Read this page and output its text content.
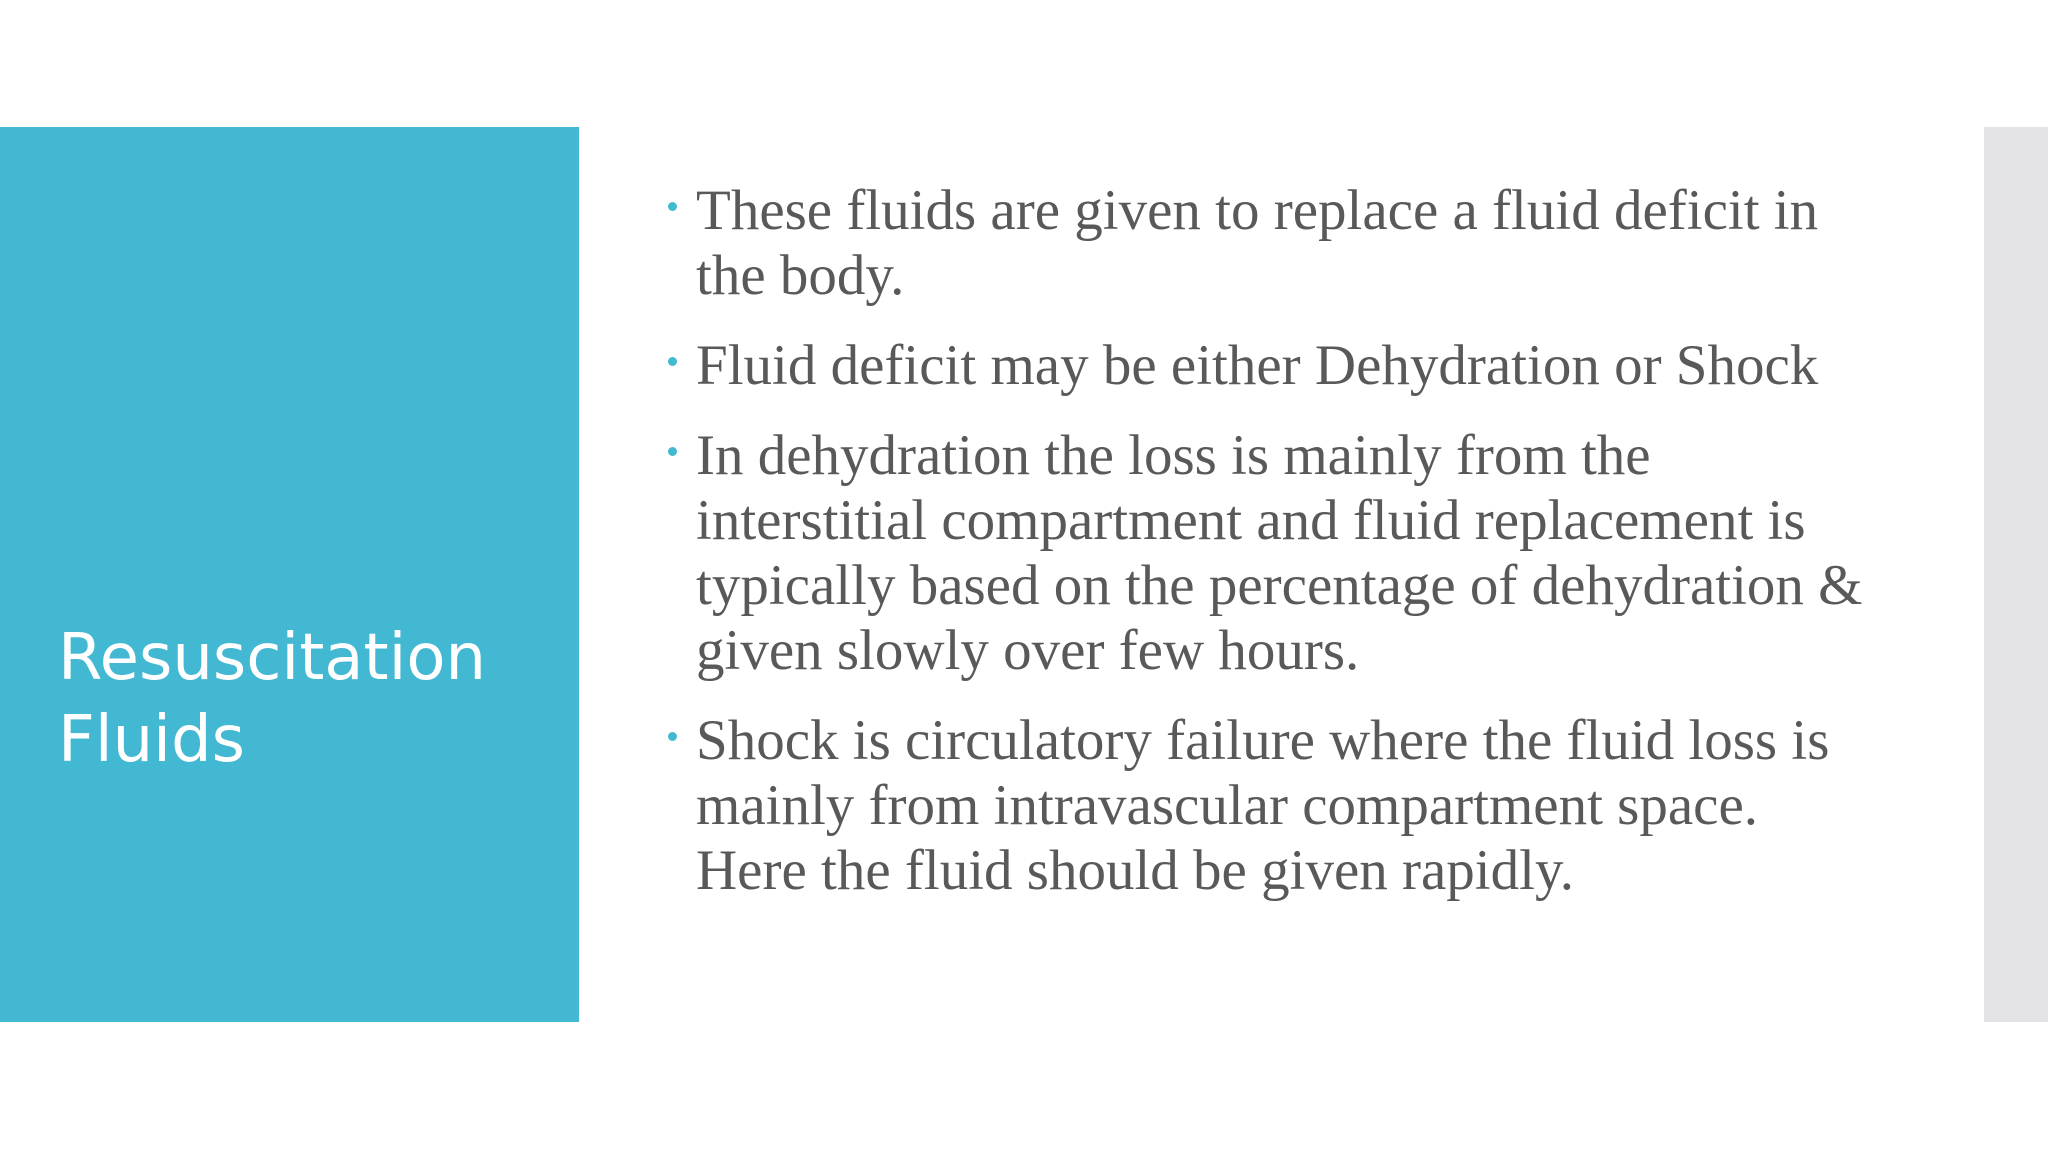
Resuscitation Fluids
These fluids are given to replace a fluid deficit in the body.
Fluid deficit may be either Dehydration or Shock
In dehydration the loss is mainly from the interstitial compartment and fluid replacement is typically based on the percentage of dehydration & given slowly over few hours.
Shock is circulatory failure where the fluid loss is mainly from intravascular compartment space. Here the fluid should be given rapidly.
